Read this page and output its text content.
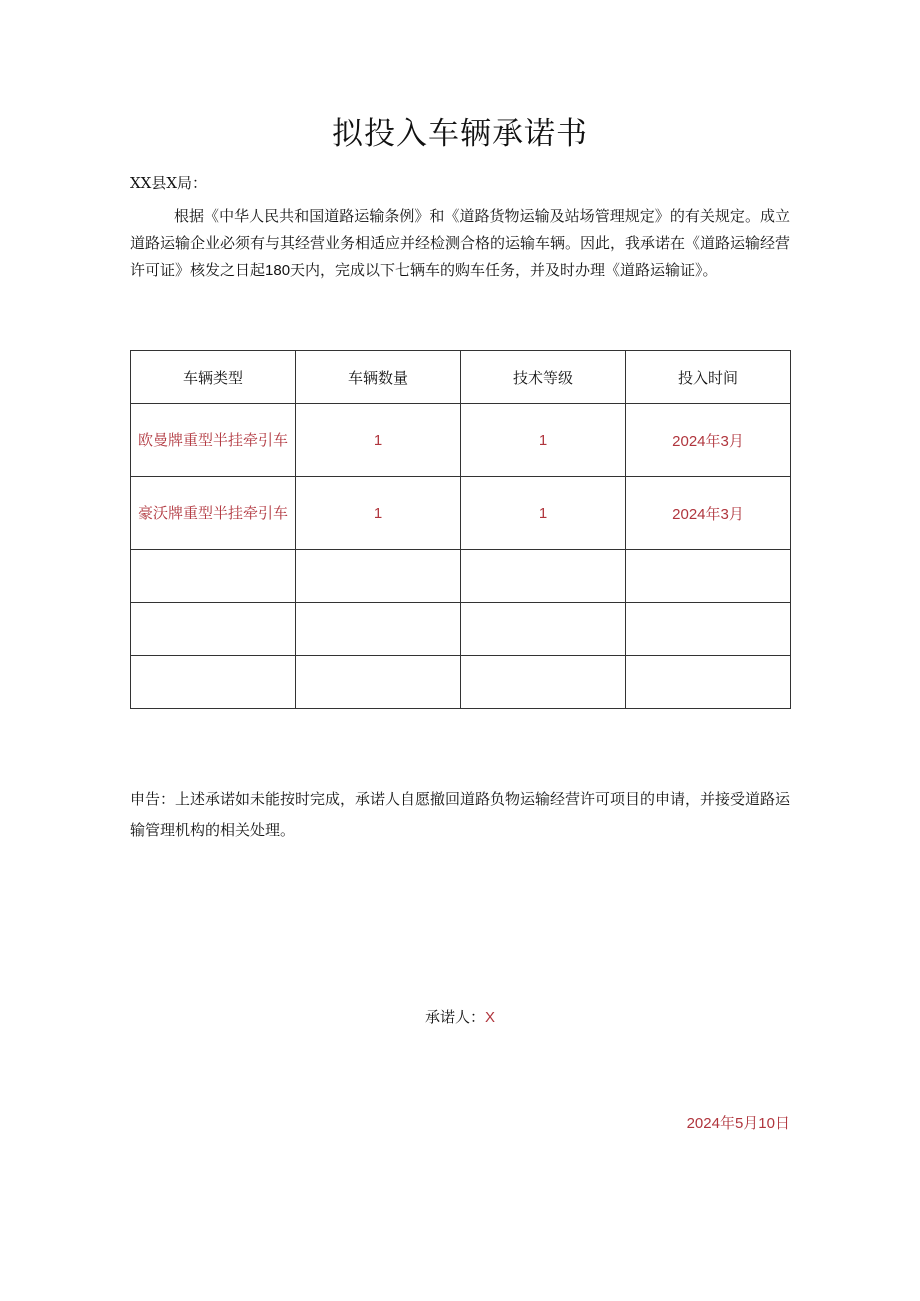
拟投入车辆承诺书
XX县X局：
根据《中华人民共和国道路运输条例》和《道路货物运输及站场管理规定》的有关规定。成立道路运输企业必须有与其经营业务相适应并经检测合格的运输车辆。因此，我承诺在《道路运输经营许可证》核发之日起180天内，完成以下七辆车的购车任务，并及时办理《道路运输证》。
车辆类型	车辆数量	技术等级	投入时间
欧曼牌重型半挂牵引车	1	1	2024年3月
豪沃牌重型半挂牵引车	1	1	2024年3月

申告：上述承诺如未能按时完成，承诺人自愿撤回道路负物运输经营许可项目的申请，并接受道路运输管理机构的相关处理。
承诺人：X
2024年5月10日
